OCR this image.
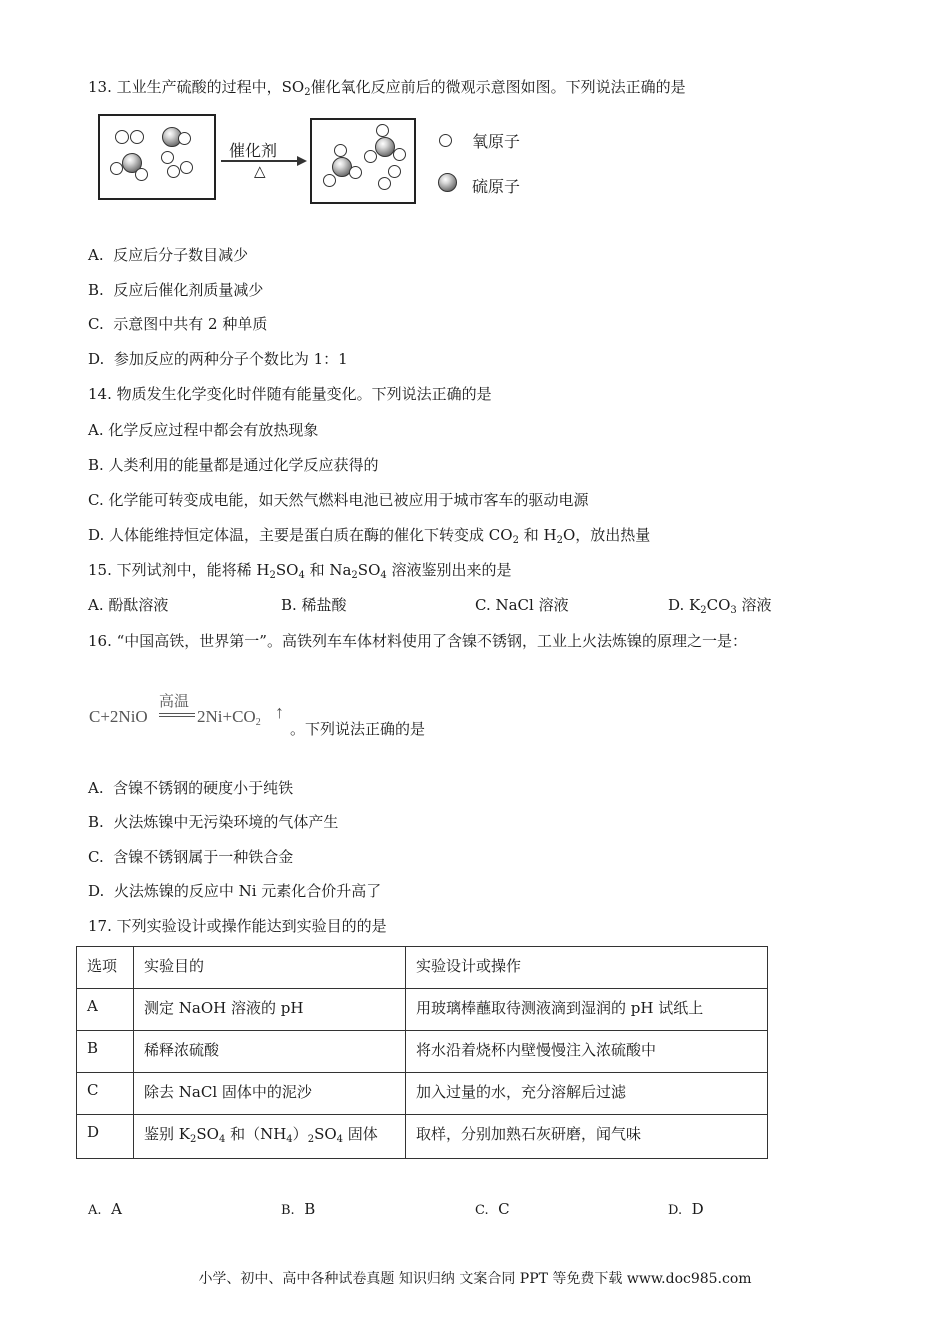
13. 工业生产硫酸的过程中，$SO_2$催化氧化反应前后的微观示意图如图。下列说法正确的是
催化剂
△
氧原子
硫原子
A. 反应后分子数目减少
B. 反应后催化剂质量减少
C. 示意图中共有 2 种单质
D. 参加反应的两种分子个数比为 1：1
14. 物质发生化学变化时伴随有能量变化。下列说法正确的是
A. 化学反应过程中都会有放热现象
B. 人类利用的能量都是通过化学反应获得的
C. 化学能可转变成电能，如天然气燃料电池已被应用于城市客车的驱动电源
D. 人体能维持恒定体温，主要是蛋白质在酶的催化下转变成 $CO_2$ 和 $H_2O$，放出热量
15. 下列试剂中，能将稀 $H_2SO_4$ 和 $Na_2SO_4$ 溶液鉴别出来的是
A. 酚酞溶液	B. 稀盐酸	C. NaCl 溶液	D. $K_2CO_3$ 溶液
16. “中国高铁，世界第一”。高铁列车车体材料使用了含镍不锈钢，工业上火法炼镍的原理之一是：
C+2NiO
高温
$2Ni+CO_2$
↑
。下列说法正确的是
A. 含镍不锈钢的硬度小于纯铁
B. 火法炼镍中无污染环境的气体产生
C. 含镍不锈钢属于一种铁合金
D. 火法炼镍的反应中 Ni 元素化合价升高了
17. 下列实验设计或操作能达到实验目的的是
选项	实验目的	实验设计或操作
A	测定 NaOH 溶液的 pH	用玻璃棒蘸取待测液滴到湿润的 pH 试纸上
B	稀释浓硫酸	将水沿着烧杯内壁慢慢注入浓硫酸中
C	除去 NaCl 固体中的泥沙	加入过量的水，充分溶解后过滤
D	鉴别 $K_2SO_4$ 和$(NH_4)_2SO_4$ 固体	取样，分别加熟石灰研磨，闻气味
A. A	B. B	C. C	D. D
小学、初中、高中各种试卷真题 知识归纳 文案合同 PPT 等免费下载 www.doc985.com
